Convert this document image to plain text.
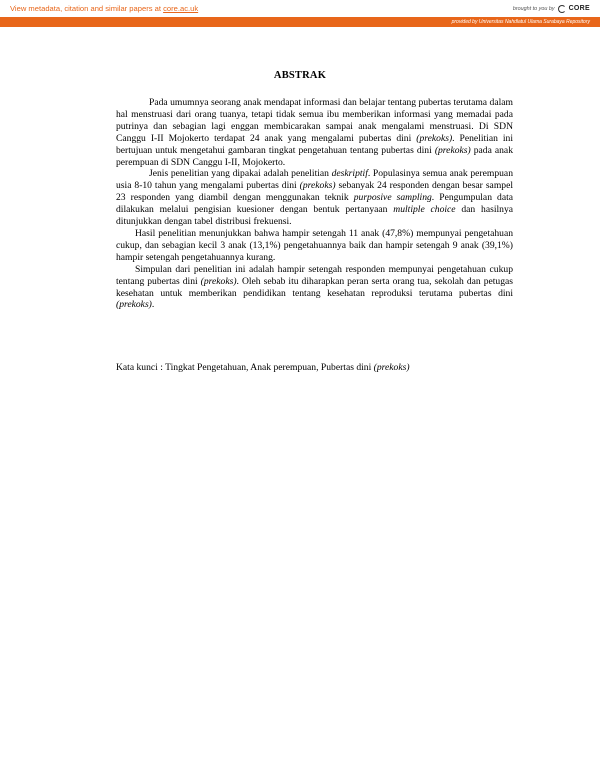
View metadata, citation and similar papers at core.ac.uk	brought to you by CORE
provided by Universitas Nahdlatul Ulama Surabaya Repository
ABSTRAK

Pada umumnya seorang anak mendapat informasi dan belajar tentang pubertas terutama dalam hal menstruasi dari orang tuanya, tetapi tidak semua ibu memberikan informasi yang memadai pada putrinya dan sebagian lagi enggan membicarakan sampai anak mengalami menstruasi. Di SDN Canggu I-II Mojokerto terdapat 24 anak yang mengalami pubertas dini (prekoks). Penelitian ini bertujuan untuk mengetahui gambaran tingkat pengetahuan tentang pubertas dini (prekoks) pada anak perempuan di SDN Canggu I-II, Mojokerto.

Jenis penelitian yang dipakai adalah penelitian deskriptif. Populasinya semua anak perempuan usia 8-10 tahun yang mengalami pubertas dini (prekoks) sebanyak 24 responden dengan besar sampel 23 responden yang diambil dengan menggunakan teknik purposive sampling. Pengumpulan data dilakukan melalui pengisian kuesioner dengan bentuk pertanyaan multiple choice dan hasilnya ditunjukkan dengan tabel distribusi frekuensi.

Hasil penelitian menunjukkan bahwa hampir setengah 11 anak (47,8%) mempunyai pengetahuan cukup, dan sebagian kecil 3 anak (13,1%) pengetahuannya baik dan hampir setengah 9 anak (39,1%) hampir setengah pengetahuannya kurang.

Simpulan dari penelitian ini adalah hampir setengah responden mempunyai pengetahuan cukup tentang pubertas dini (prekoks). Oleh sebab itu diharapkan peran serta orang tua, sekolah dan petugas kesehatan untuk memberikan pendidikan tentang kesehatan reproduksi terutama pubertas dini (prekoks).

Kata kunci : Tingkat Pengetahuan, Anak perempuan, Pubertas dini (prekoks)
